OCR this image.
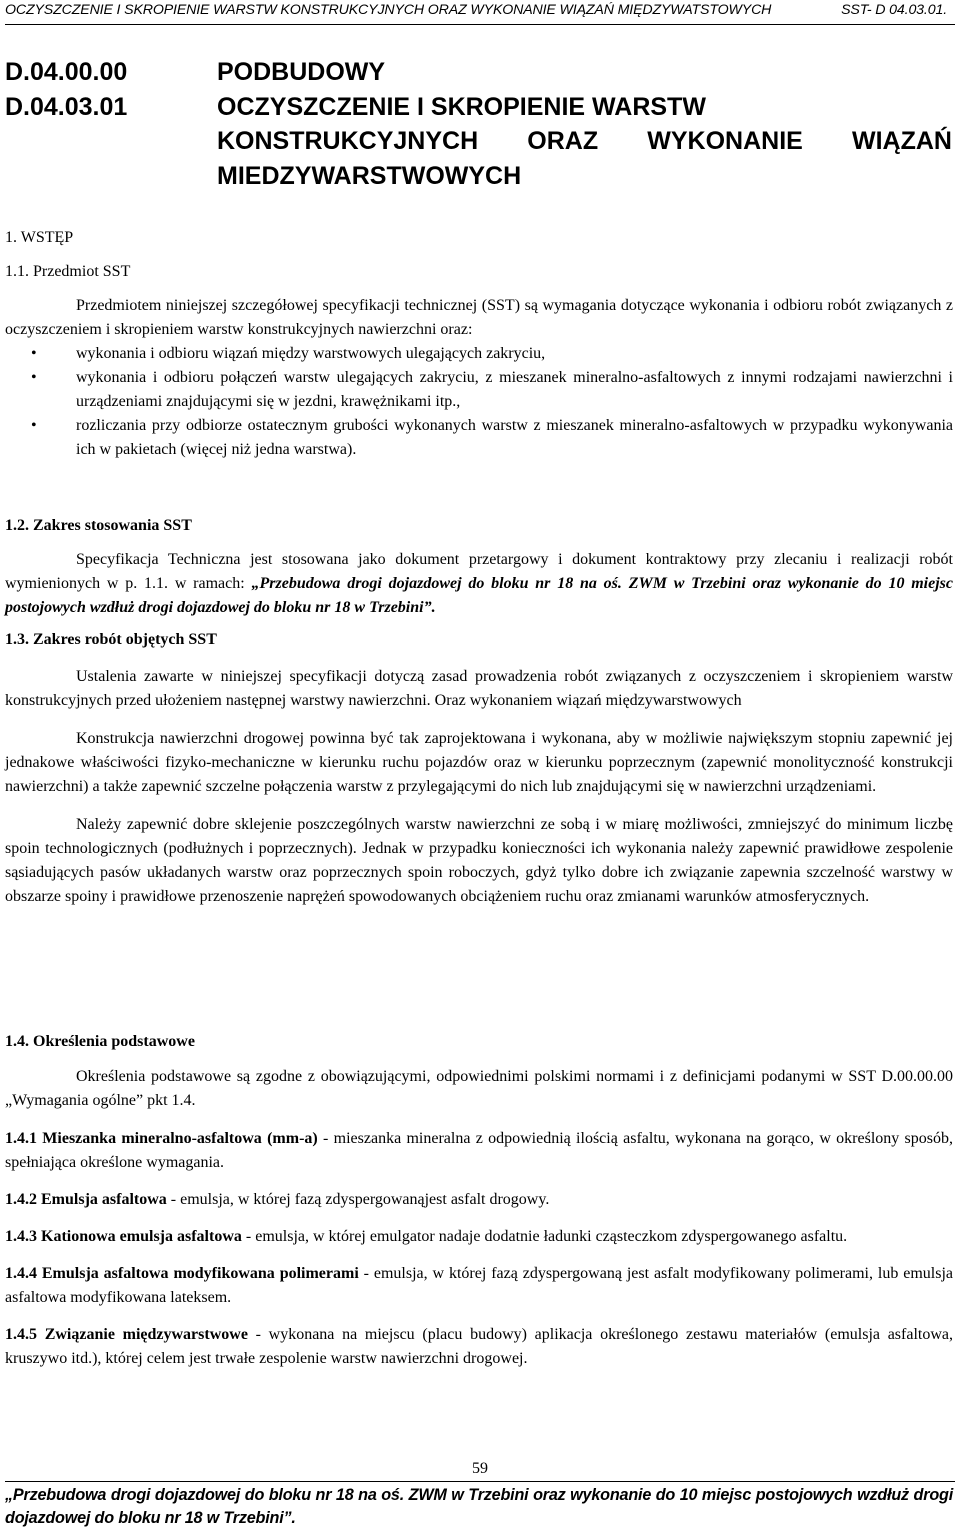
OCZYSZCZENIE I SKROPIENIE WARSTW KONSTRUKCYJNYCH ORAZ WYKONANIE WIĄZAŃ MIĘDZYWATSTOWYCH	SST- D 04.03.01.
D.04.00.00
D.04.03.01
PODBUDOWY
OCZYSZCZENIE I SKROPIENIE WARSTW
KONSTRUKCYJNYCH ORAZ WYKONANIE WIĄZAŃ
MIEDZYWARSTWOWYCH
1. WSTĘP
1.1. Przedmiot SST

Przedmiotem niniejszej szczegółowej specyfikacji technicznej (SST) są wymagania dotyczące wykonania i odbioru robót związanych z oczyszczeniem i skropieniem warstw konstrukcyjnych nawierzchni oraz:

• wykonania i odbioru wiązań między warstwowych ulegających zakryciu,
• wykonania i odbioru połączeń warstw ulegających zakryciu, z mieszanek mineralno-asfaltowych z innymi rodzajami nawierzchni i urządzeniami znajdującymi się w jezdni, krawężnikami itp.,
• rozliczania przy odbiorze ostatecznym grubości wykonanych warstw z mieszanek mineralno-asfaltowych w przypadku wykonywania ich w pakietach (więcej niż jedna warstwa).
1.2. Zakres stosowania SST

Specyfikacja Techniczna jest stosowana jako dokument przetargowy i dokument kontraktowy przy zlecaniu i realizacji robót wymienionych w p. 1.1. w ramach: „Przebudowa drogi dojazdowej do bloku nr 18 na oś. ZWM w Trzebini oraz wykonanie do 10 miejsc postojowych wzdłuż drogi dojazdowej do bloku nr 18 w Trzebini”.

1.3. Zakres robót objętych SST

Ustalenia zawarte w niniejszej specyfikacji dotyczą zasad prowadzenia robót związanych z oczyszczeniem i skropieniem warstw konstrukcyjnych przed ułożeniem następnej warstwy nawierzchni. Oraz wykonaniem wiązań międzywarstwowych

Konstrukcja nawierzchni drogowej powinna być tak zaprojektowana i wykonana, aby w możliwie największym stopniu zapewnić jej jednakowe właściwości fizyko-mechaniczne w kierunku ruchu pojazdów oraz w kierunku poprzecznym (zapewnić monolityczność konstrukcji nawierzchni) a także zapewnić szczelne połączenia warstw z przylegającymi do nich lub znajdującymi się w nawierzchni urządzeniami.

Należy zapewnić dobre sklejenie poszczególnych warstw nawierzchni ze sobą i w miarę możliwości, zmniejszyć do minimum liczbę spoin technologicznych (podłużnych i poprzecznych). Jednak w przypadku konieczności ich wykonania należy zapewnić prawidłowe zespolenie sąsiadujących pasów układanych warstw oraz poprzecznych spoin roboczych, gdyż tylko dobre ich związanie zapewnia szczelność warstwy w obszarze spoiny i prawidłowe przenoszenie naprężeń spowodowanych obciążeniem ruchu oraz zmianami warunków atmosferycznych.

1.4. Określenia podstawowe

Określenia podstawowe są zgodne z obowiązującymi, odpowiednimi polskimi normami i z definicjami podanymi w SST D.00.00.00 „Wymagania ogólne” pkt 1.4.

1.4.1 Mieszanka mineralno-asfaltowa (mm-a) - mieszanka mineralna z odpowiednią ilością asfaltu, wykonana na gorąco, w określony sposób, spełniająca określone wymagania.

1.4.2 Emulsja asfaltowa - emulsja, w której fazą zdyspergowanąjest asfalt drogowy.

1.4.3 Kationowa emulsja asfaltowa - emulsja, w której emulgator nadaje dodatnie ładunki cząsteczkom zdyspergowanego asfaltu.

1.4.4 Emulsja asfaltowa modyfikowana polimerami - emulsja, w której fazą zdyspergowaną jest asfalt modyfikowany polimerami, lub emulsja asfaltowa modyfikowana lateksem.

1.4.5 Związanie międzywarstwowe - wykonana na miejscu (placu budowy) aplikacja określonego zestawu materiałów (emulsja asfaltowa, kruszywo itd.), której celem jest trwałe zespolenie warstw nawierzchni drogowej.

59
„Przebudowa drogi dojazdowej do bloku nr 18 na oś. ZWM w Trzebini oraz wykonanie do 10 miejsc postojowych wzdłuż drogi dojazdowej do bloku nr 18 w Trzebini”.
